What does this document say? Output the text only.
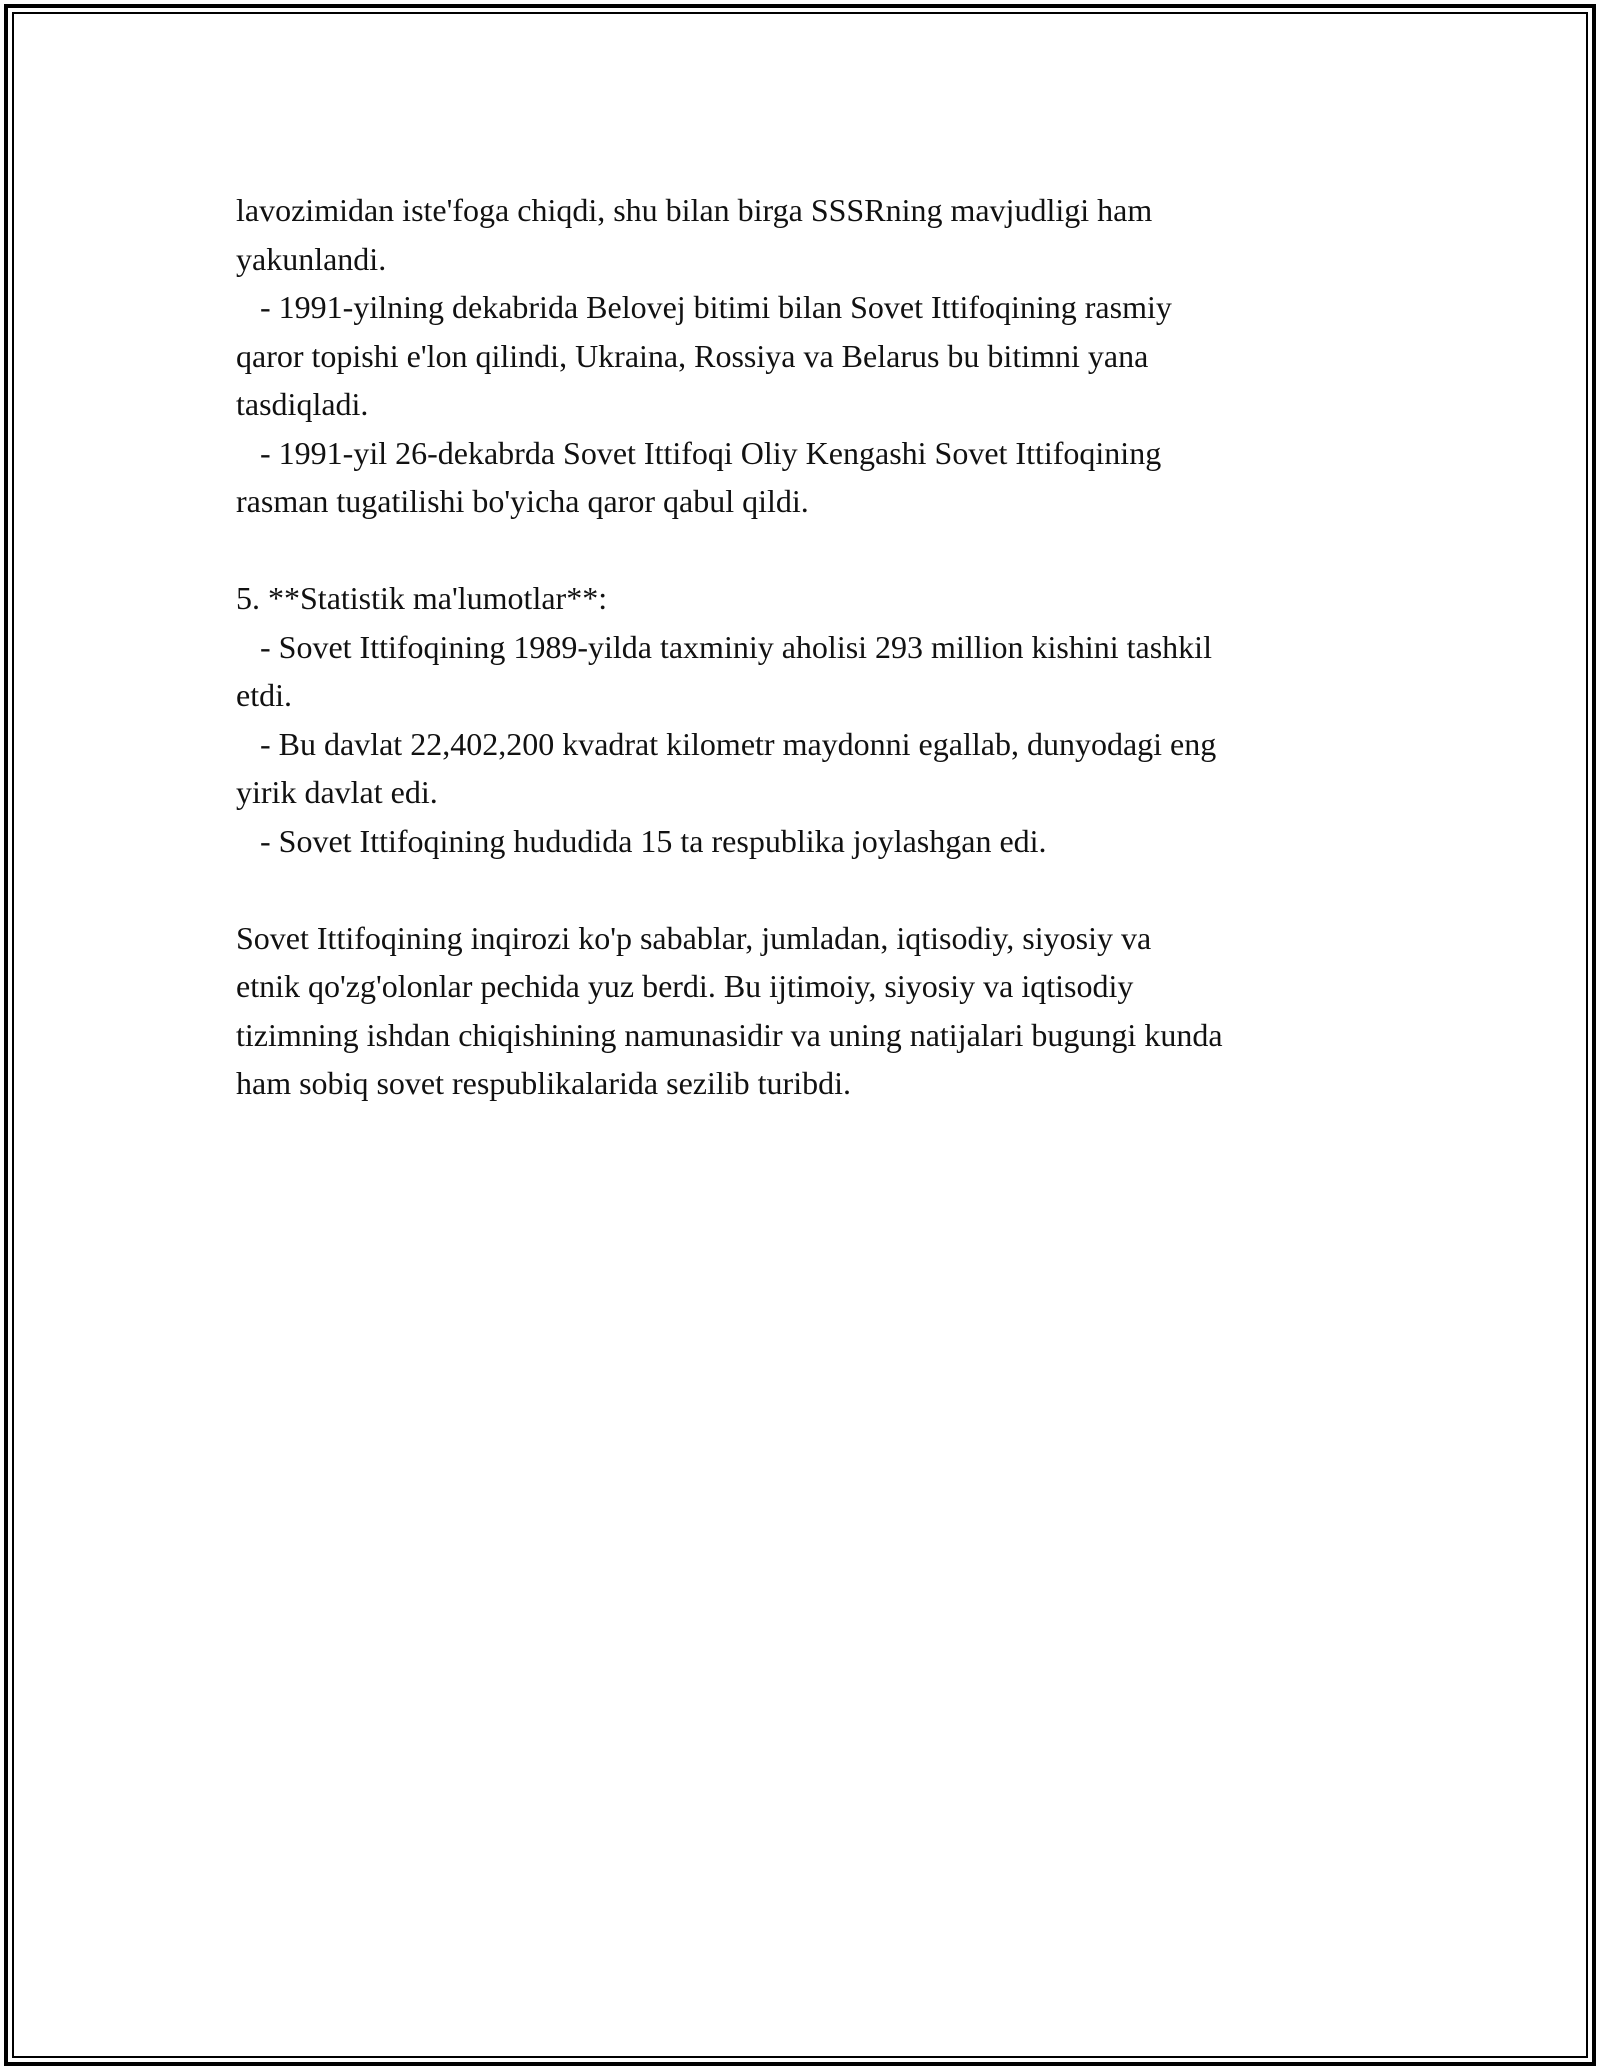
lavozimidan iste'foga chiqdi, shu bilan birga SSSRning mavjudligi ham

yakunlandi.

- 1991-yilning dekabrida Belovej bitimi bilan Sovet Ittifoqining rasmiy

qaror topishi e'lon qilindi, Ukraina, Rossiya va Belarus bu bitimni yana

tasdiqladi.

- 1991-yil 26-dekabrda Sovet Ittifoqi Oliy Kengashi Sovet Ittifoqining

rasman tugatilishi bo'yicha qaror qabul qildi.

5. **Statistik ma'lumotlar**:

- Sovet Ittifoqining 1989-yilda taxminiy aholisi 293 million kishini tashkil

etdi.

- Bu davlat 22,402,200 kvadrat kilometr maydonni egallab, dunyodagi eng

yirik davlat edi.

- Sovet Ittifoqining hududida 15 ta respublika joylashgan edi.

Sovet Ittifoqining inqirozi ko'p sabablar, jumladan, iqtisodiy, siyosiy va

etnik qo'zg'olonlar pechida yuz berdi. Bu ijtimoiy, siyosiy va iqtisodiy

tizimning ishdan chiqishining namunasidir va uning natijalari bugungi kunda

ham sobiq sovet respublikalarida sezilib turibdi.
